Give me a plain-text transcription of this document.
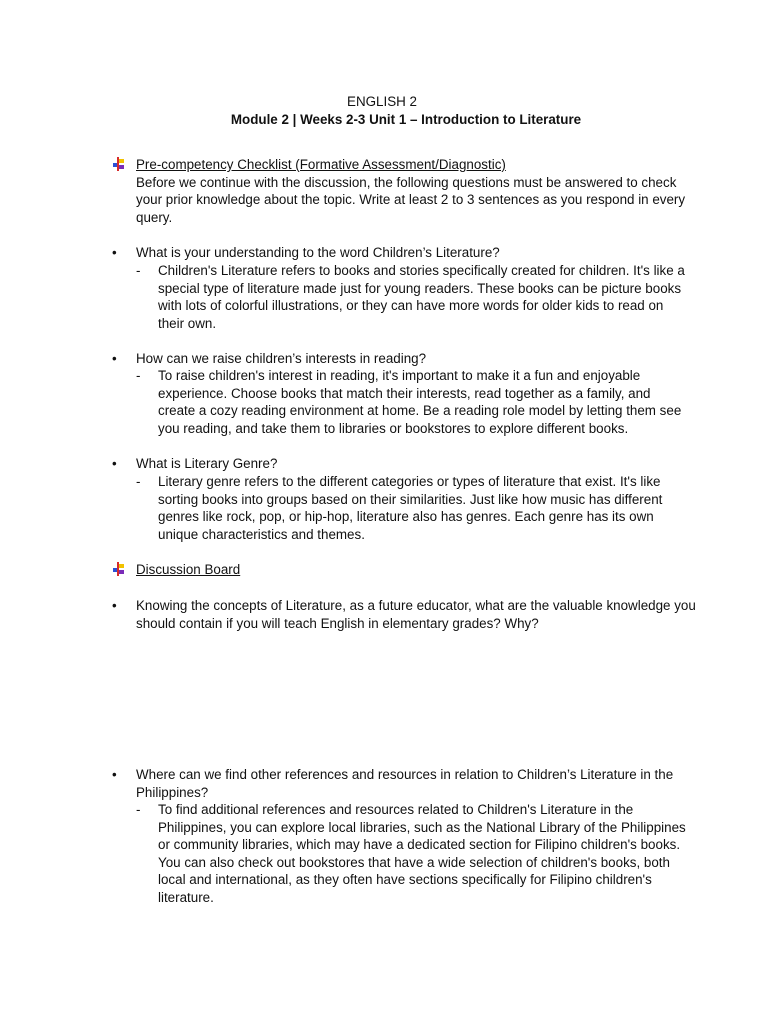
ENGLISH 2
Module 2 | Weeks 2-3 Unit 1 – Introduction to Literature

Pre-competency Checklist (Formative Assessment/Diagnostic)

Before we continue with the discussion, the following questions must be answered to check your prior knowledge about the topic. Write at least 2 to 3 sentences as you respond in every query.

• What is your understanding to the word Children’s Literature?
- Children's Literature refers to books and stories specifically created for children. It's like a special type of literature made just for young readers. These books can be picture books with lots of colorful illustrations, or they can have more words for older kids to read on their own.
• How can we raise children’s interests in reading?
- To raise children's interest in reading, it's important to make it a fun and enjoyable experience. Choose books that match their interests, read together as a family, and create a cozy reading environment at home. Be a reading role model by letting them see you reading, and take them to libraries or bookstores to explore different books.
• What is Literary Genre?
- Literary genre refers to the different categories or types of literature that exist. It's like sorting books into groups based on their similarities. Just like how music has different genres like rock, pop, or hip-hop, literature also has genres. Each genre has its own unique characteristics and themes.
Discussion Board
• Knowing the concepts of Literature, as a future educator, what are the valuable knowledge you should contain if you will teach English in elementary grades? Why?
• Where can we find other references and resources in relation to Children’s Literature in the Philippines?
- To find additional references and resources related to Children's Literature in the Philippines, you can explore local libraries, such as the National Library of the Philippines or community libraries, which may have a dedicated section for Filipino children's books. You can also check out bookstores that have a wide selection of children's books, both local and international, as they often have sections specifically for Filipino children's literature.
